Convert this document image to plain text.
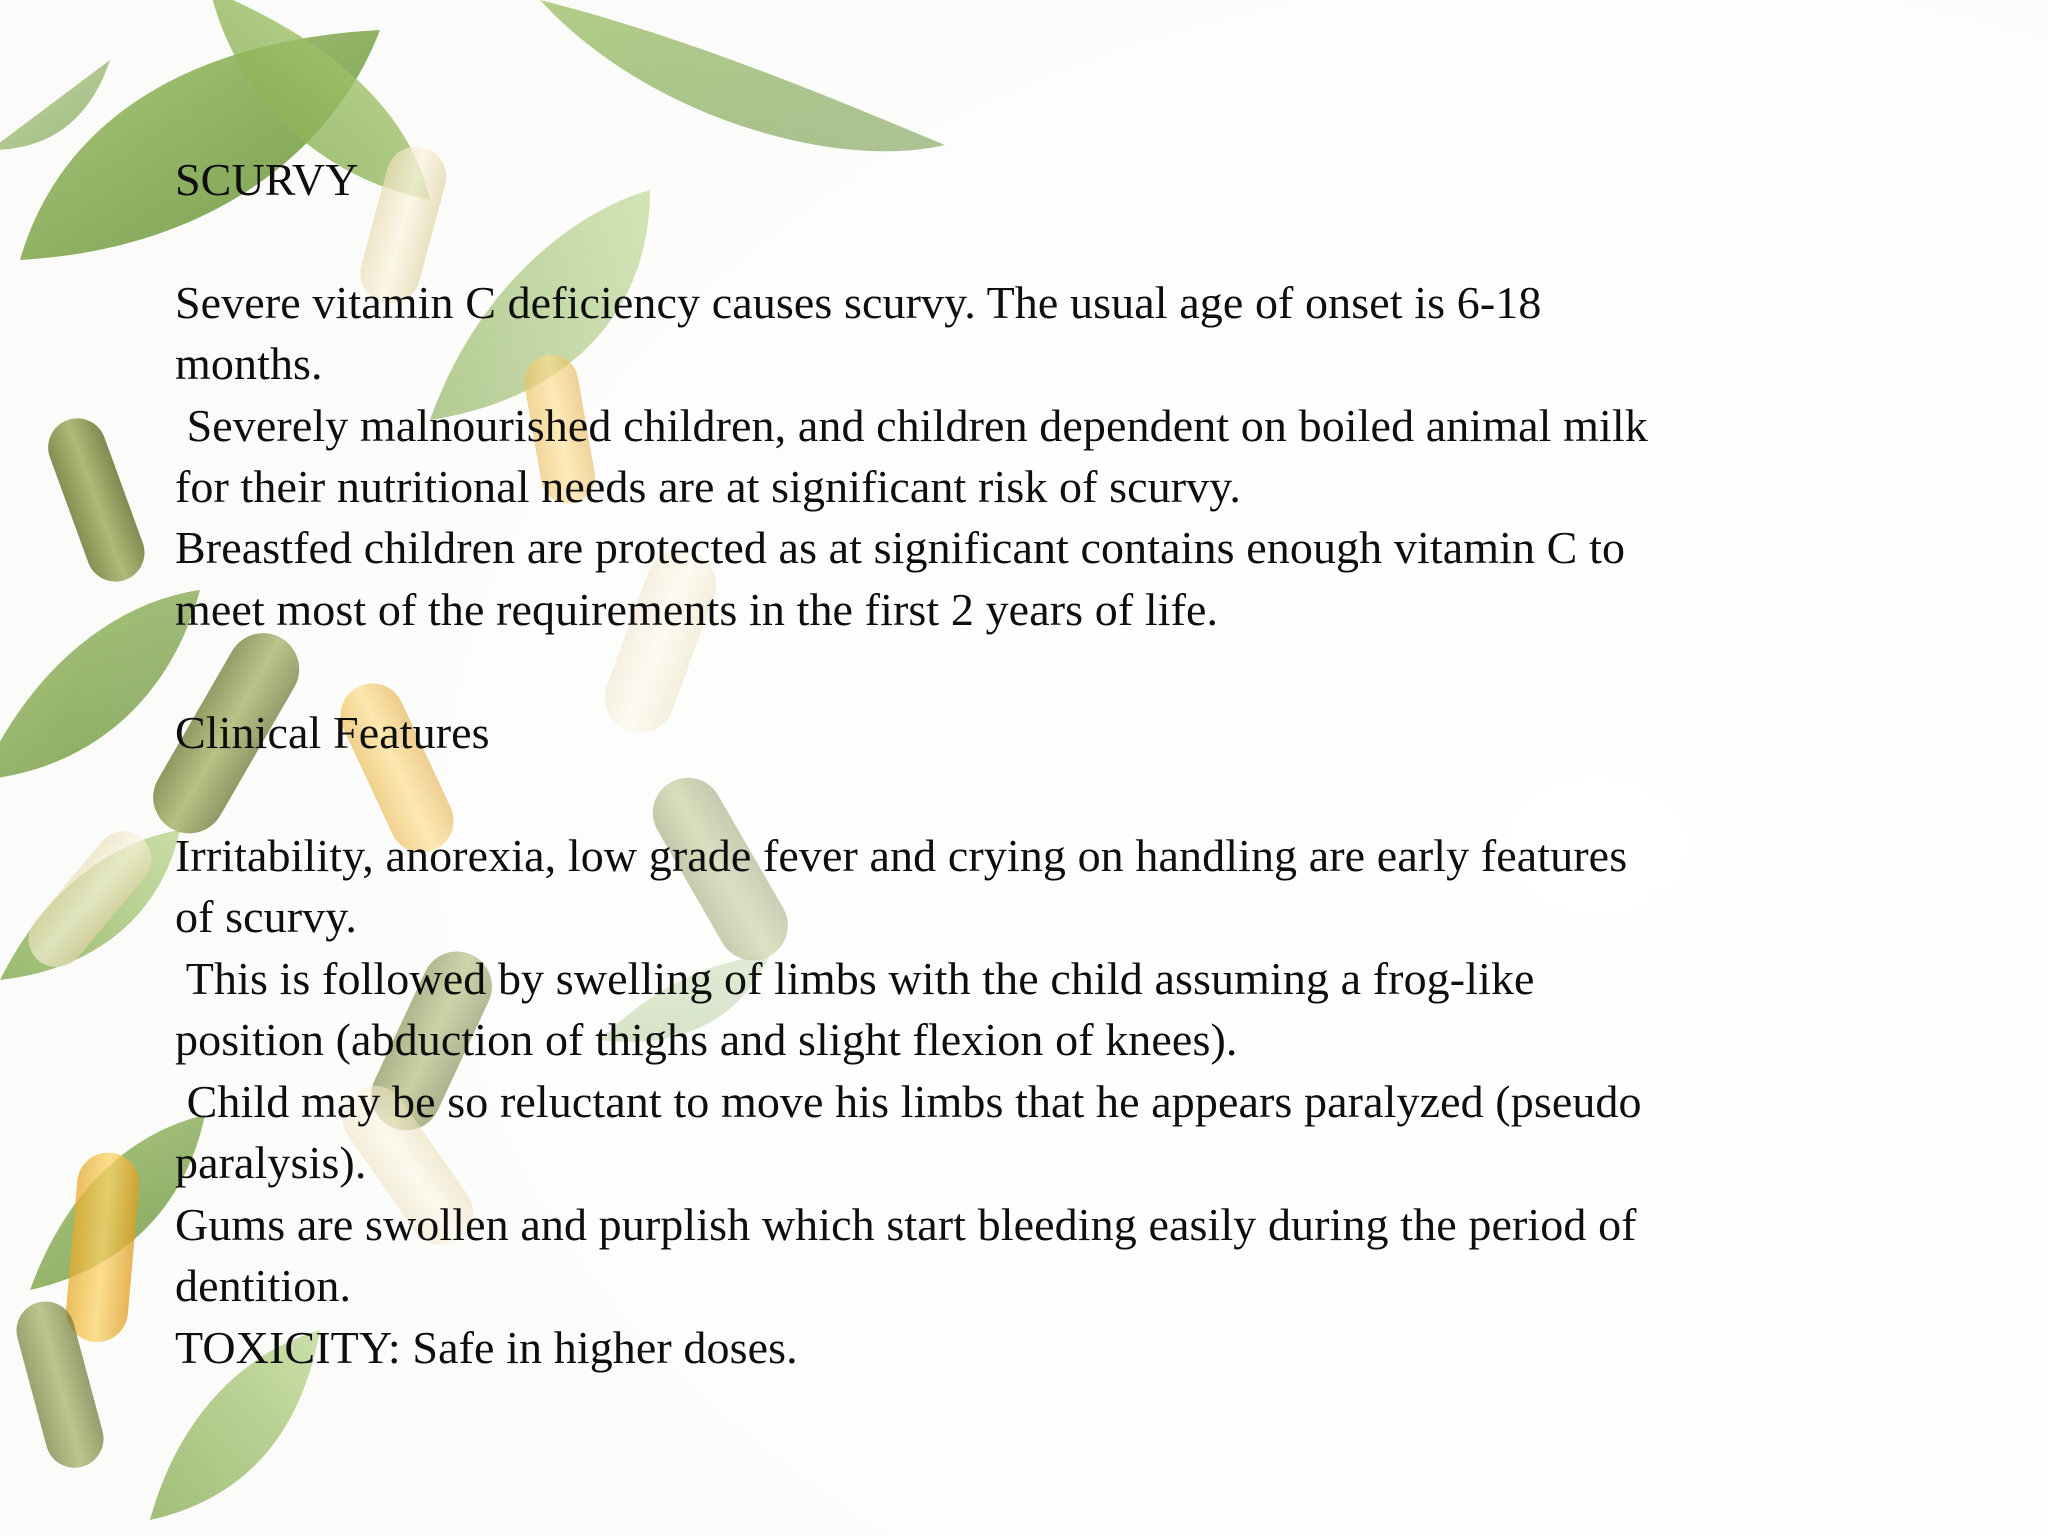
SCURVY
Severe vitamin C deficiency causes scurvy. The usual age of onset is 6-18
months.
Severely malnourished children, and children dependent on boiled animal milk
for their nutritional needs are at significant risk of scurvy.
Breastfed children are protected as at significant contains enough vitamin C to
meet most of the requirements in the first 2 years of life.
Clinical Features
Irritability, anorexia, low grade fever and crying on handling are early features
of scurvy.
This is followed by swelling of limbs with the child assuming a frog-like
position (abduction of thighs and slight flexion of knees).
Child may be so reluctant to move his limbs that he appears paralyzed (pseudo
paralysis).
Gums are swollen and purplish which start bleeding easily during the period of
dentition.
TOXICITY: Safe in higher doses.
